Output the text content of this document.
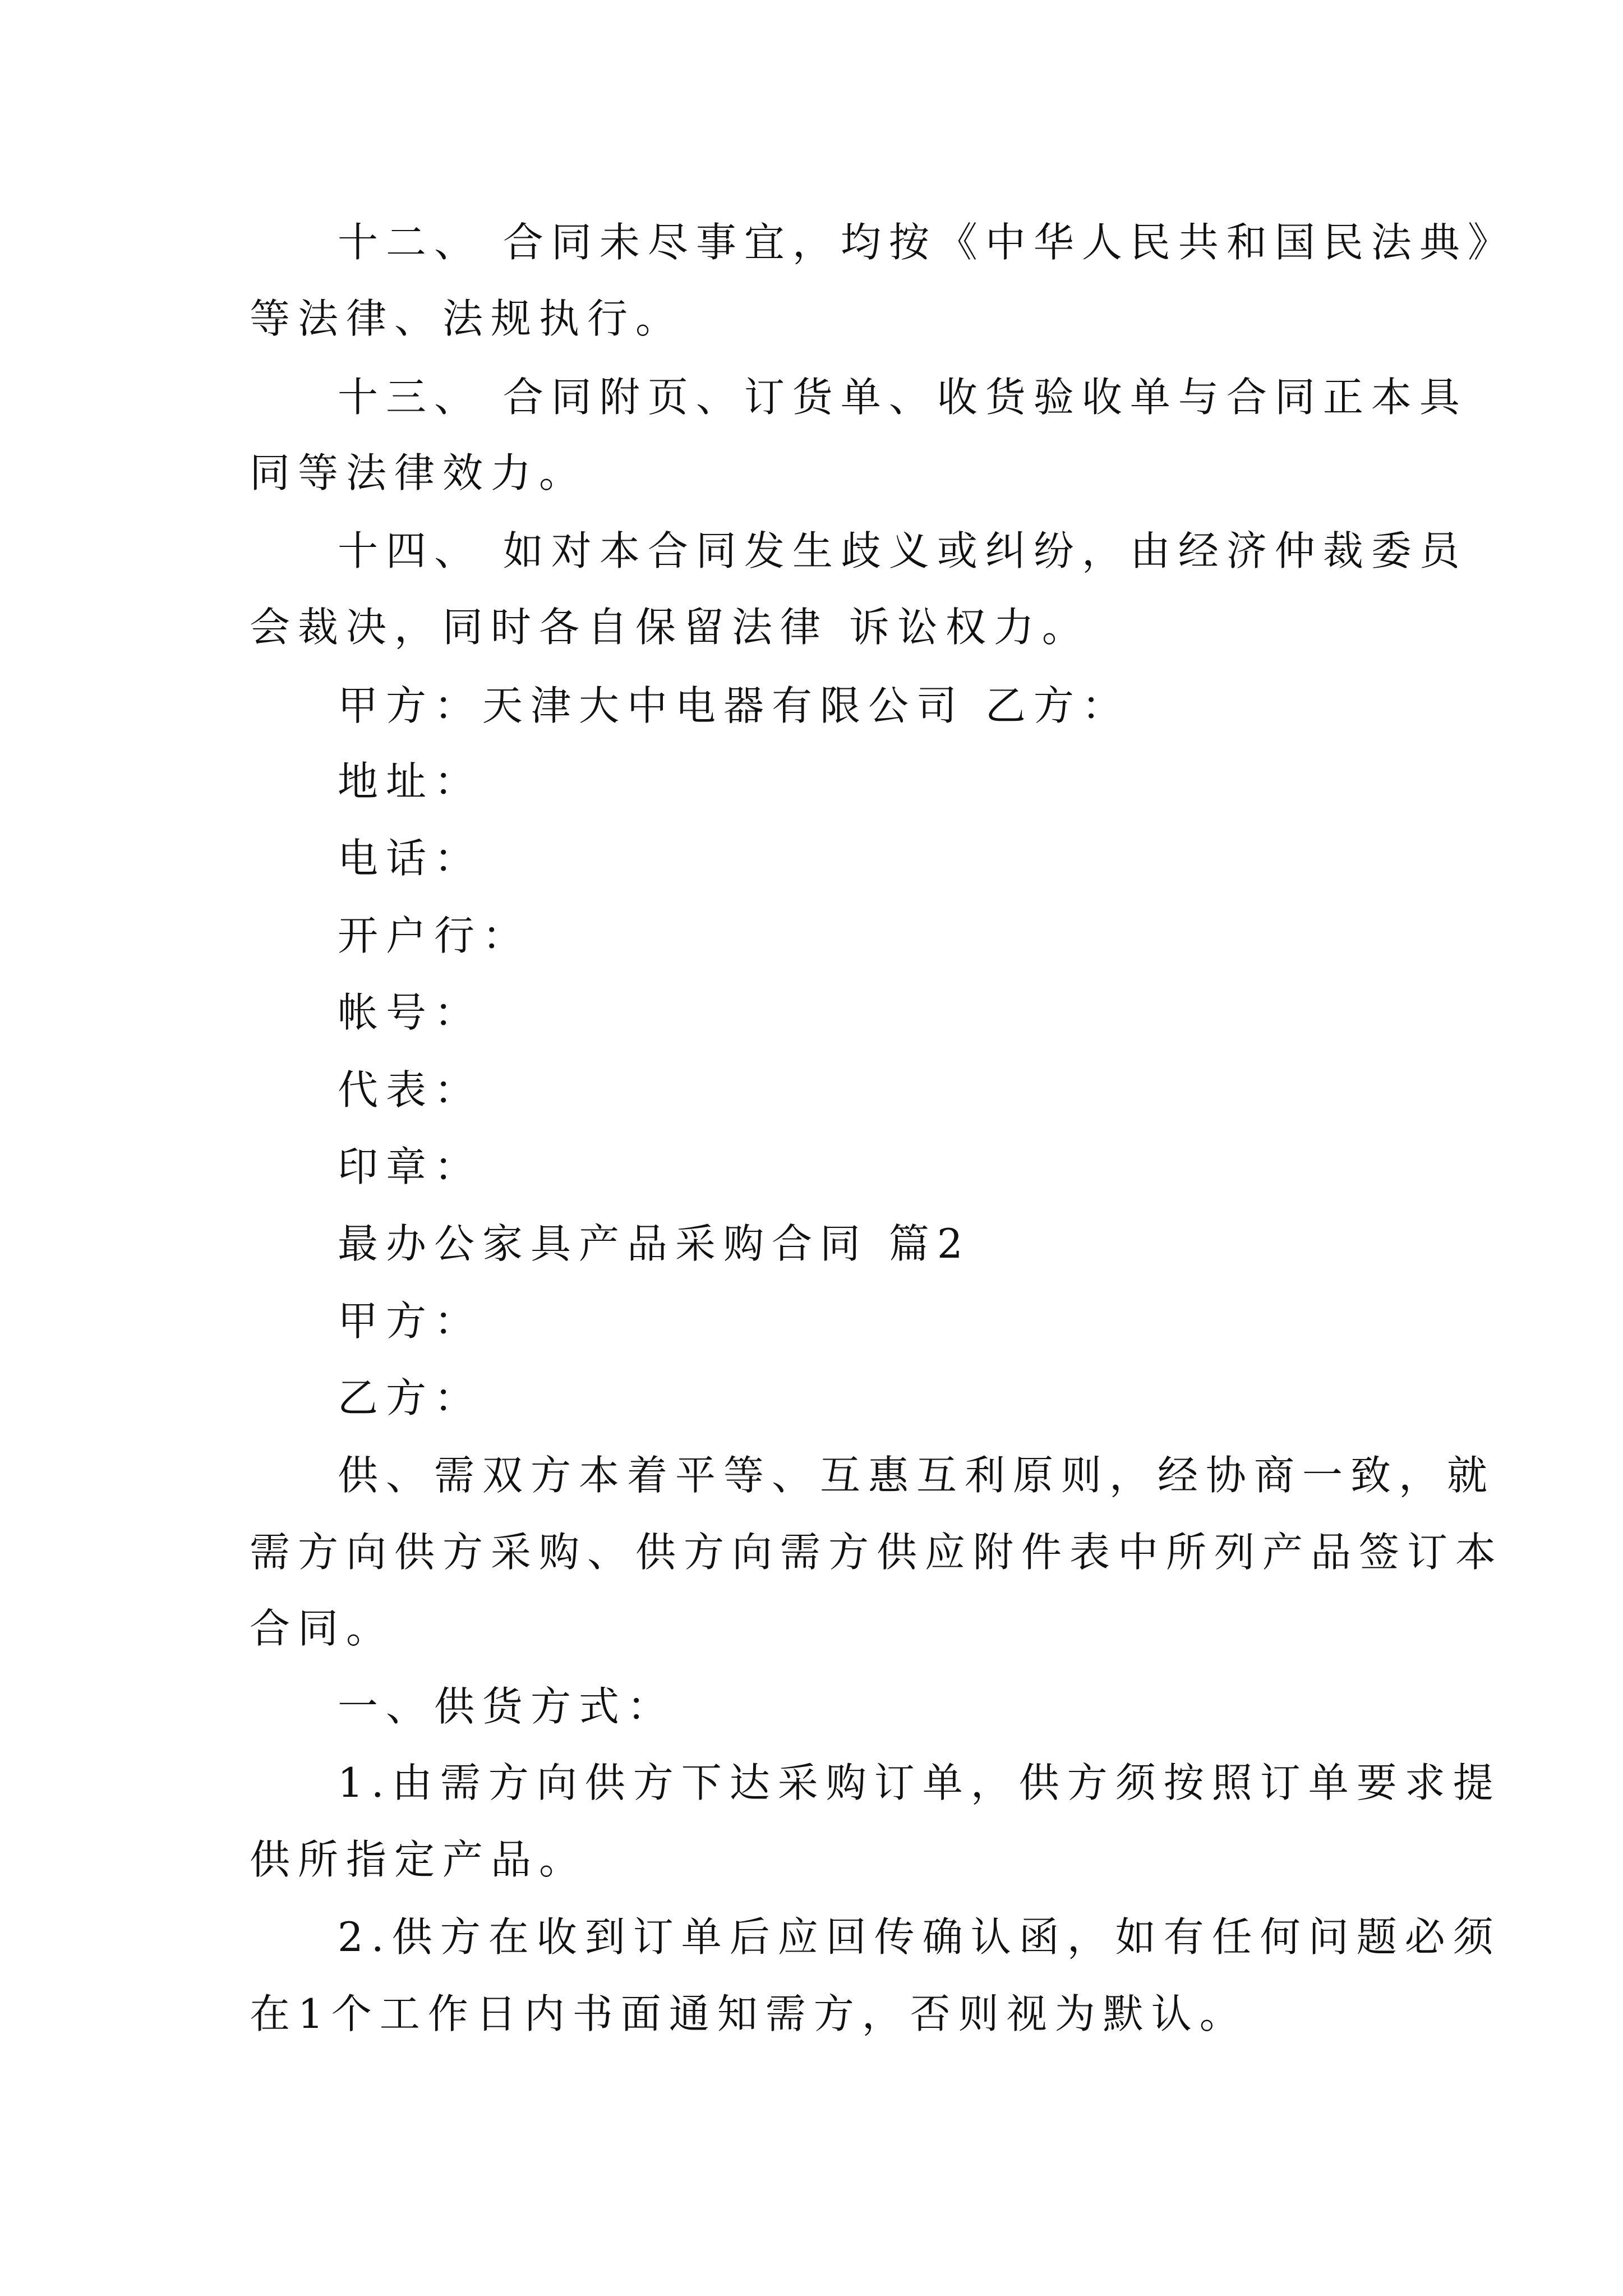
十二、 合同未尽事宜，均按《中华人民共和国民法典》
等法律、法规执行。
十三、 合同附页、订货单、收货验收单与合同正本具
同等法律效力。
十四、 如对本合同发生歧义或纠纷，由经济仲裁委员
会裁决，同时各自保留法律 诉讼权力。
甲方：天津大中电器有限公司 乙方：
地址：
电话：
开户行：
帐号：
代表：
印章：
最办公家具产品采购合同 篇2
甲方：
乙方：
供、需双方本着平等、互惠互利原则，经协商一致，就
需方向供方采购、供方向需方供应附件表中所列产品签订本
合同。
一、供货方式：
1.由需方向供方下达采购订单，供方须按照订单要求提
供所指定产品。
2.供方在收到订单后应回传确认函，如有任何问题必须
在1个工作日内书面通知需方，否则视为默认。
